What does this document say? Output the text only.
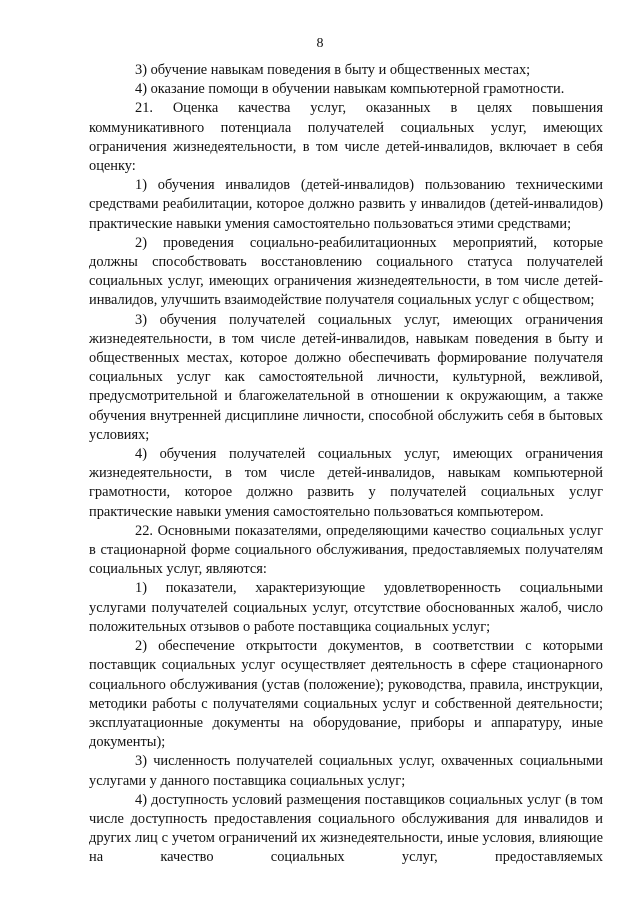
8

3) обучение навыкам поведения в быту и общественных местах;

4) оказание помощи в обучении навыкам компьютерной грамотности.

21. Оценка качества услуг, оказанных в целях повышения коммуникативного потенциала получателей социальных услуг, имеющих ограничения жизнедеятельности, в том числе детей-инвалидов, включает в себя оценку:

1) обучения инвалидов (детей-инвалидов) пользованию техническими средствами реабилитации, которое должно развить у инвалидов (детей-инвалидов) практические навыки умения самостоятельно пользоваться этими средствами;

2) проведения социально-реабилитационных мероприятий, которые должны способствовать восстановлению социального статуса получателей социальных услуг, имеющих ограничения жизнедеятельности, в том числе детей-инвалидов, улучшить взаимодействие получателя социальных услуг с обществом;

3) обучения получателей социальных услуг, имеющих ограничения жизнедеятельности, в том числе детей-инвалидов, навыкам поведения в быту и общественных местах, которое должно обеспечивать формирование получателя социальных услуг как самостоятельной личности, культурной, вежливой, предусмотрительной и благожелательной в отношении к окружающим, а также обучения внутренней дисциплине личности, способной обслужить себя в бытовых условиях;

4) обучения получателей социальных услуг, имеющих ограничения жизнедеятельности, в том числе детей-инвалидов, навыкам компьютерной грамотности, которое должно развить у получателей социальных услуг практические навыки умения самостоятельно пользоваться компьютером.

22. Основными показателями, определяющими качество социальных услуг в стационарной форме социального обслуживания, предоставляемых получателям социальных услуг, являются:

1) показатели, характеризующие удовлетворенность социальными услугами получателей социальных услуг, отсутствие обоснованных жалоб, число положительных отзывов о работе поставщика социальных услуг;

2) обеспечение открытости документов, в соответствии с которыми поставщик социальных услуг осуществляет деятельность в сфере стационарного социального обслуживания (устав (положение); руководства, правила, инструкции, методики работы с получателями социальных услуг и собственной деятельности; эксплуатационные документы на оборудование, приборы и аппаратуру, иные документы);

3) численность получателей социальных услуг, охваченных социальными услугами у данного поставщика социальных услуг;

4) доступность условий размещения поставщиков социальных услуг (в том числе доступность предоставления социального обслуживания для инвалидов и других лиц с учетом ограничений их жизнедеятельности, иные условия, влияющие на качество социальных услуг, предоставляемых
